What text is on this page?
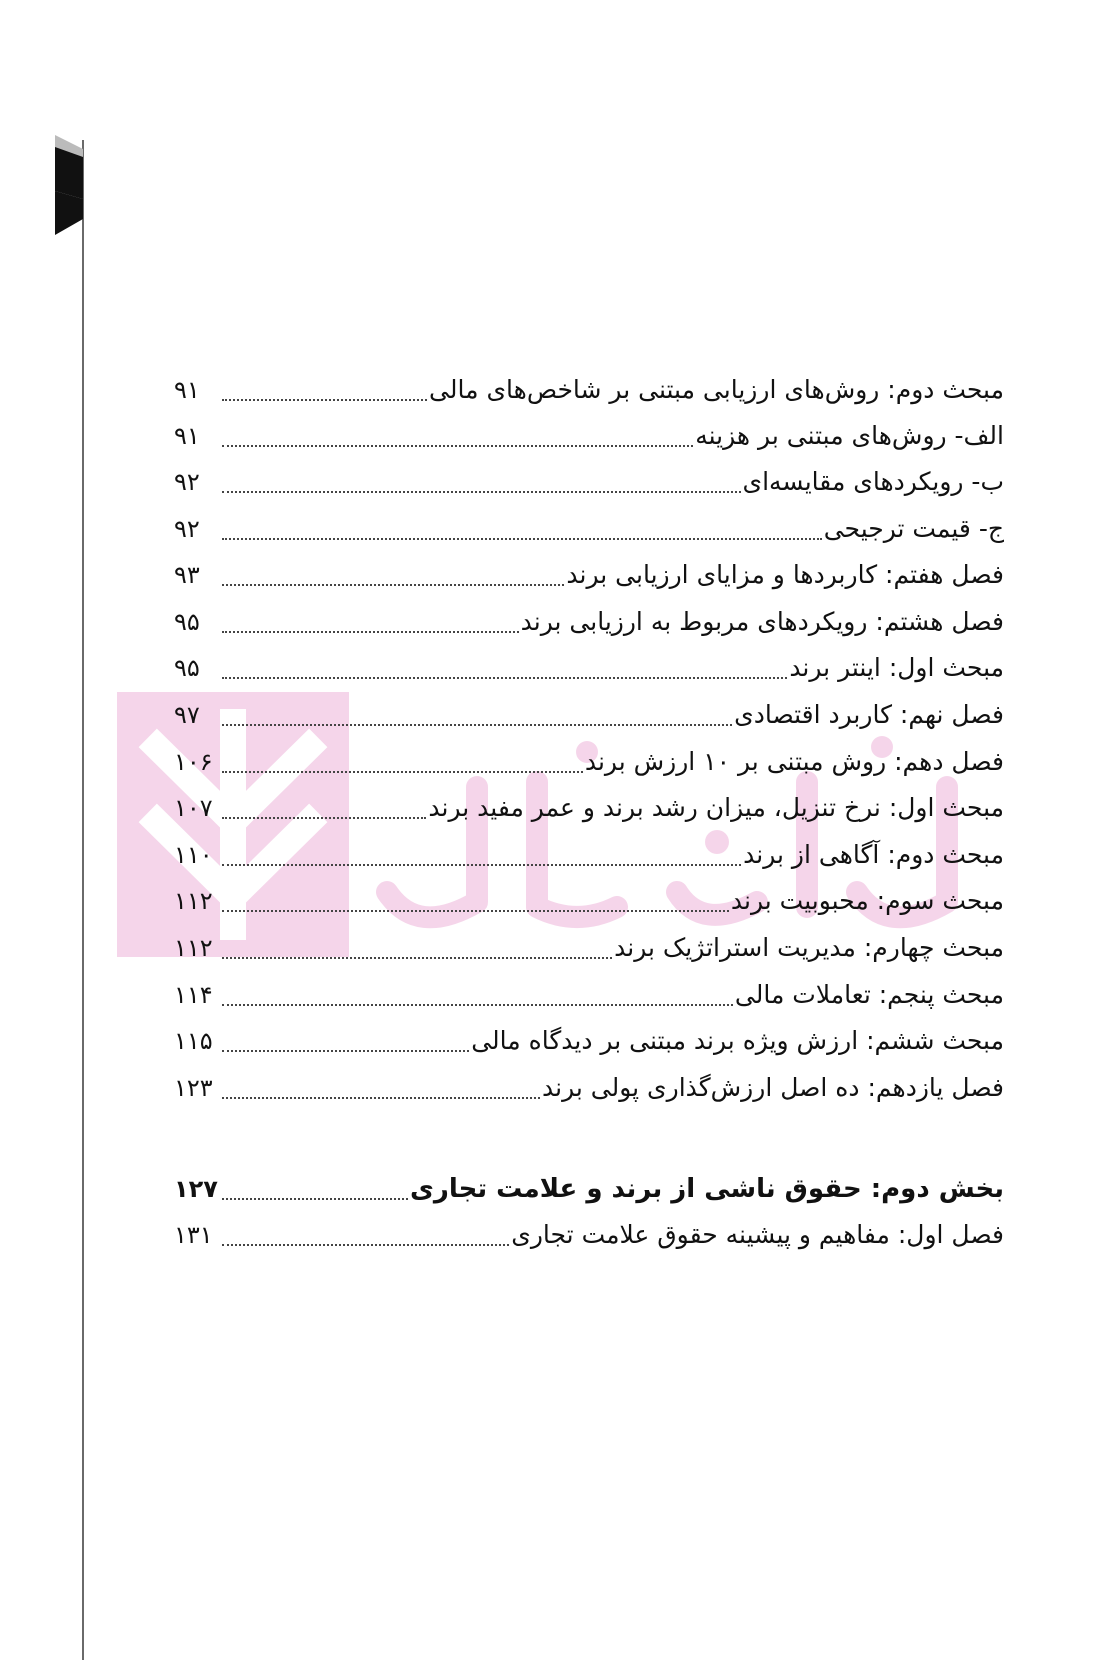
مبحث دوم: روش‌های ارزیابی مبتنی بر شاخص‌های مالی
۹۱
الف- روش‌های مبتنی بر هزینه
۹۱
ب- رویکردهای مقایسه‌ای
۹۲
ج- قیمت ترجیحی
۹۲
فصل هفتم: کاربردها و مزایای ارزیابی برند
۹۳
فصل هشتم: رویکردهای مربوط به ارزیابی برند
۹۵
مبحث اول: اینتر برند
۹۵
فصل نهم: کاربرد اقتصادی
۹۷
فصل دهم: روش مبتنی بر ۱۰ ارزش برند
۱۰۶
مبحث اول: نرخ تنزیل، میزان رشد برند و عمر مفید برند
۱۰۷
مبحث دوم: آگاهی از برند
۱۱۰
مبحث سوم: محبوبیت برند
۱۱۲
مبحث چهارم: مدیریت استراتژیک برند
۱۱۲
مبحث پنجم: تعاملات مالی
۱۱۴
مبحث ششم: ارزش ویژه برند مبتنی بر دیدگاه مالی
۱۱۵
فصل یازدهم: ده اصل ارزش‌گذاری پولی برند
۱۲۳
بخش دوم: حقوق ناشی از برند و علامت تجاری
۱۲۷
فصل اول: مفاهیم و پیشینه حقوق علامت تجاری
۱۳۱
